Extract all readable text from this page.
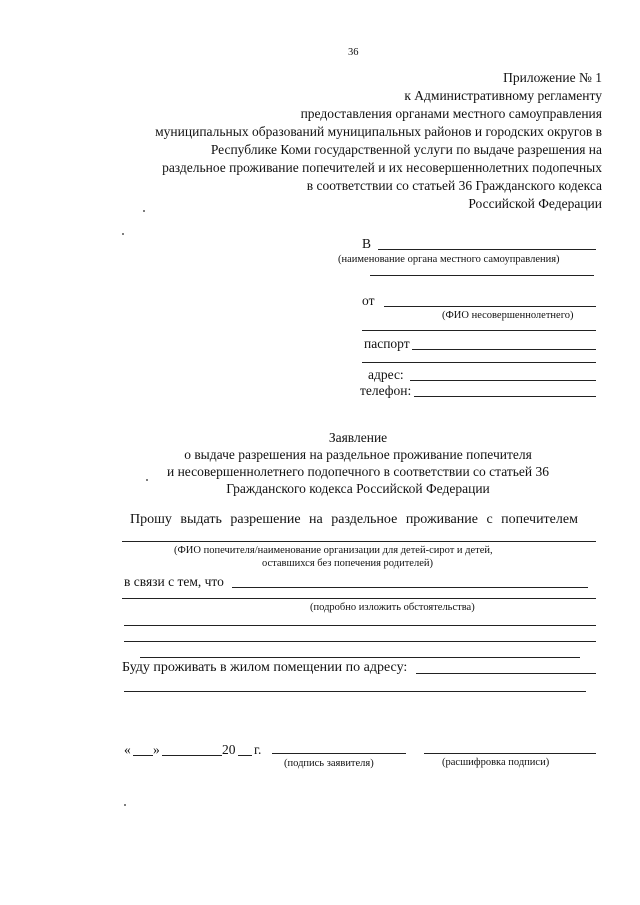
36
Приложение № 1
к Административному регламенту
предоставления органами местного самоуправления
муниципальных образований муниципальных районов и городских округов в
Республике Коми государственной услуги по выдаче разрешения на
раздельное проживание попечителей и их несовершеннолетних подопечных
в соответствии со статьей 36 Гражданского кодекса
Российской Федерации
В
(наименование органа местного самоуправления)
от
(ФИО несовершеннолетнего)
паспорт
адрес:
телефон:
Заявление
о выдаче разрешения на раздельное проживание попечителя
и несовершеннолетнего подопечного в соответствии со статьей 36
Гражданского кодекса Российской Федерации
Прошу выдать разрешение на раздельное проживание с попечителем
(ФИО попечителя/наименование организации для детей-сирот и детей,
оставшихся без попечения родителей)
в связи с тем, что
(подробно изложить обстоятельства)
Буду проживать в жилом помещении по адресу:
« »	20 г.
(подпись заявителя)	(расшифровка подписи)
